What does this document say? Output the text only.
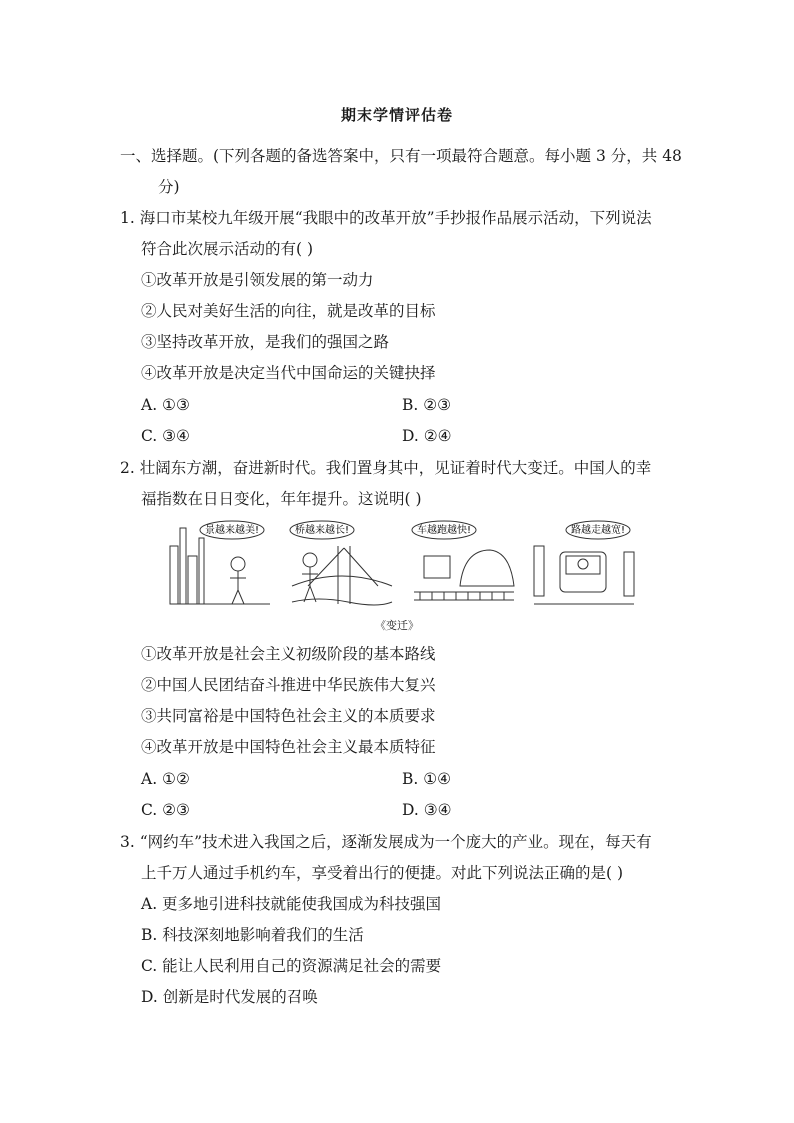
期末学情评估卷
一、选择题。(下列各题的备选答案中，只有一项最符合题意。每小题 3 分，共 48
分)
1. 海口市某校九年级开展“我眼中的改革开放”手抄报作品展示活动，下列说法
符合此次展示活动的有( )
①改革开放是引领发展的第一动力
②人民对美好生活的向往，就是改革的目标
③坚持改革开放，是我们的强国之路
④改革开放是决定当代中国命运的关键抉择
A. ①③	B. ②③
C. ③④	D. ②④
2. 壮阔东方潮，奋进新时代。我们置身其中，见证着时代大变迁。中国人的幸
福指数在日日变化，年年提升。这说明( )
景越来越美!	桥越来越长!	车越跑越快!	路越走越宽!
《变迁》
①改革开放是社会主义初级阶段的基本路线
②中国人民团结奋斗推进中华民族伟大复兴
③共同富裕是中国特色社会主义的本质要求
④改革开放是中国特色社会主义最本质特征
A. ①②	B. ①④
C. ②③	D. ③④
3. “网约车”技术进入我国之后，逐渐发展成为一个庞大的产业。现在，每天有
上千万人通过手机约车，享受着出行的便捷。对此下列说法正确的是( )
A. 更多地引进科技就能使我国成为科技强国
B. 科技深刻地影响着我们的生活
C. 能让人民利用自己的资源满足社会的需要
D. 创新是时代发展的召唤
